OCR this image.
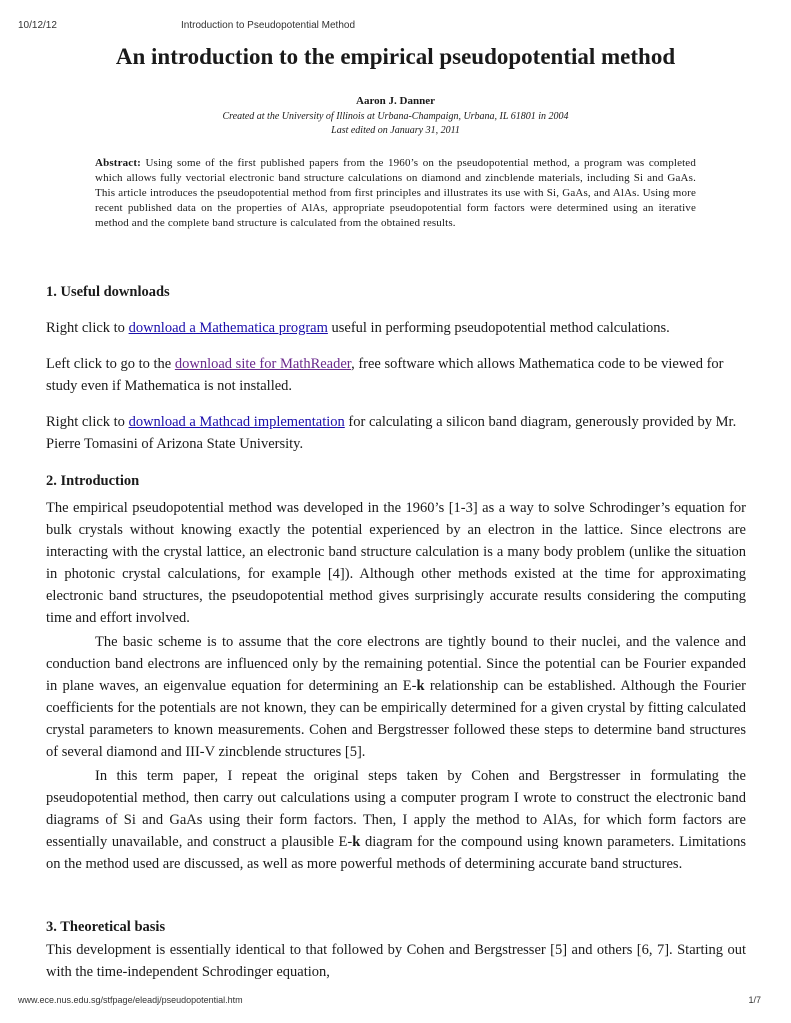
10/12/12	Introduction to Pseudopotential Method
An introduction to the empirical pseudopotential method
Aaron J. Danner
Created at the University of Illinois at Urbana-Champaign, Urbana, IL 61801 in 2004
Last edited on January 31, 2011
Abstract: Using some of the first published papers from the 1960’s on the pseudopotential method, a program was completed which allows fully vectorial electronic band structure calculations on diamond and zincblende materials, including Si and GaAs. This article introduces the pseudopotential method from first principles and illustrates its use with Si, GaAs, and AlAs. Using more recent published data on the properties of AlAs, appropriate pseudopotential form factors were determined using an iterative method and the complete band structure is calculated from the obtained results.
1. Useful downloads

Right click to download a Mathematica program useful in performing pseudopotential method calculations.

Left click to go to the download site for MathReader, free software which allows Mathematica code to be viewed for study even if Mathematica is not installed.

Right click to download a Mathcad implementation for calculating a silicon band diagram, generously provided by Mr. Pierre Tomasini of Arizona State University.

2. Introduction

The empirical pseudopotential method was developed in the 1960’s [1-3] as a way to solve Schrodinger’s equation for bulk crystals without knowing exactly the potential experienced by an electron in the lattice. Since electrons are interacting with the crystal lattice, an electronic band structure calculation is a many body problem (unlike the situation in photonic crystal calculations, for example [4]). Although other methods existed at the time for approximating electronic band structures, the pseudopotential method gives surprisingly accurate results considering the computing time and effort involved.

The basic scheme is to assume that the core electrons are tightly bound to their nuclei, and the valence and conduction band electrons are influenced only by the remaining potential. Since the potential can be Fourier expanded in plane waves, an eigenvalue equation for determining an E-k relationship can be established. Although the Fourier coefficients for the potentials are not known, they can be empirically determined for a given crystal by fitting calculated crystal parameters to known measurements. Cohen and Bergstresser followed these steps to determine band structures of several diamond and III-V zincblende structures [5].

In this term paper, I repeat the original steps taken by Cohen and Bergstresser in formulating the pseudopotential method, then carry out calculations using a computer program I wrote to construct the electronic band diagrams of Si and GaAs using their form factors. Then, I apply the method to AlAs, for which form factors are essentially unavailable, and construct a plausible E-k diagram for the compound using known parameters. Limitations on the method used are discussed, as well as more powerful methods of determining accurate band structures.

3. Theoretical basis

This development is essentially identical to that followed by Cohen and Bergstresser [5] and others [6, 7]. Starting out with the time-independent Schrodinger equation,

www.ece.nus.edu.sg/stfpage/eleadj/pseudopotential.htm	1/7
